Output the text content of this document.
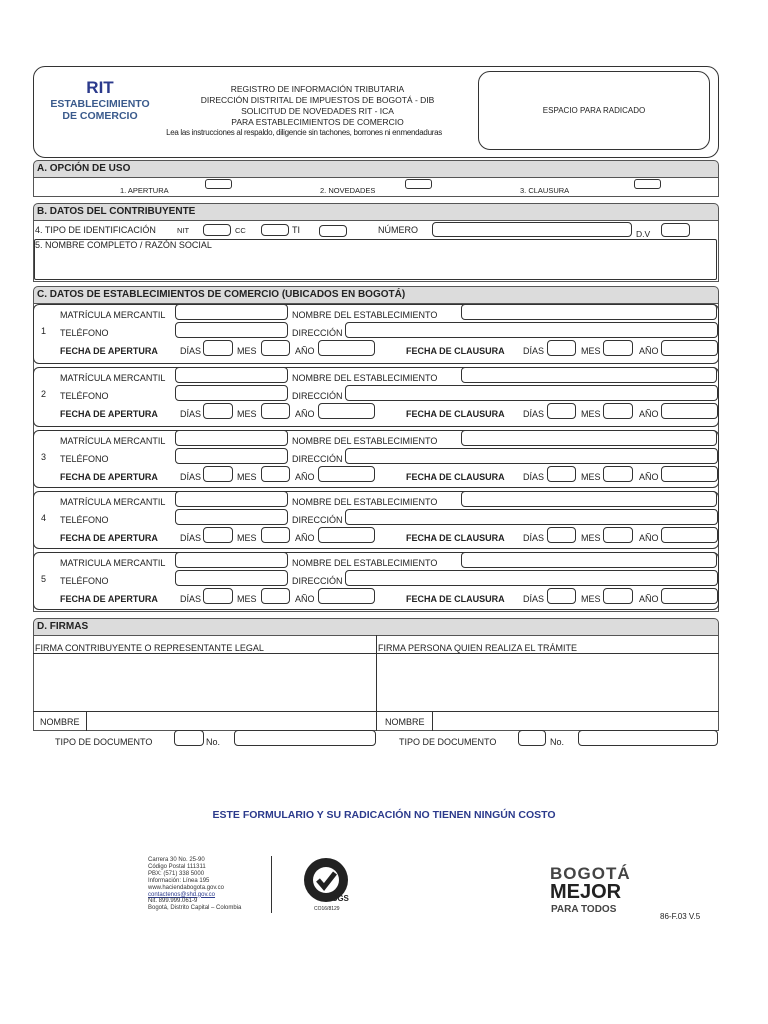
RIT
ESTABLECIMIENTO
DE COMERCIO
REGISTRO DE INFORMACIÓN TRIBUTARIA
DIRECCIÓN DISTRITAL DE IMPUESTOS DE BOGOTÁ - DIB
SOLICITUD DE NOVEDADES RIT - ICA
PARA ESTABLECIMIENTOS DE COMERCIO
Lea las instrucciones al respaldo, diligencie sin tachones, borrones ni enmendaduras
ESPACIO PARA RADICADO
A. OPCIÓN DE USO
1. APERTURA	2. NOVEDADES	3. CLAUSURA
B. DATOS DEL CONTRIBUYENTE
4. TIPO DE IDENTIFICACIÓN	NIT	CC	TI	NÚMERO	D.V
5. NOMBRE COMPLETO / RAZÓN SOCIAL
C. DATOS DE ESTABLECIMIENTOS DE COMERCIO (UBICADOS EN BOGOTÁ)
1
MATRÍCULA MERCANTIL	NOMBRE DEL ESTABLECIMIENTO
TELÉFONO	DIRECCIÓN
FECHA DE APERTURA DÍAS	MES	AÑO	FECHA DE CLAUSURA DÍAS	MES	AÑO
2
MATRÍCULA MERCANTIL	NOMBRE DEL ESTABLECIMIENTO
TELÉFONO	DIRECCIÓN
FECHA DE APERTURA DÍAS	MES	AÑO	FECHA DE CLAUSURA DÍAS	MES	AÑO
3
MATRÍCULA MERCANTIL	NOMBRE DEL ESTABLECIMIENTO
TELÉFONO	DIRECCIÓN
FECHA DE APERTURA DÍAS	MES	AÑO	FECHA DE CLAUSURA DÍAS	MES	AÑO
4
MATRÍCULA MERCANTIL	NOMBRE DEL ESTABLECIMIENTO
TELÉFONO	DIRECCIÓN
FECHA DE APERTURA DÍAS	MES	AÑO	FECHA DE CLAUSURA DÍAS	MES	AÑO
5
MATRICULA MERCANTIL	NOMBRE DEL ESTABLECIMIENTO
TELÉFONO	DIRECCIÓN
FECHA DE APERTURA DÍAS	MES	AÑO	FECHA DE CLAUSURA DÍAS	MES	AÑO
D. FIRMAS
FIRMA CONTRIBUYENTE O REPRESENTANTE LEGAL	FIRMA PERSONA QUIEN REALIZA EL TRÁMITE
NOMBRE	NOMBRE
TIPO DE DOCUMENTO	No.	TIPO DE DOCUMENTO	No.
ESTE FORMULARIO Y SU RADICACIÓN NO TIENEN NINGÚN COSTO
Carrera 30 No. 25-90
Código Postal 111311
PBX: (571) 338 5000
Información: Línea 195
www.haciendabogota.gov.co
contactenos@shd.gov.co
Nit. 899.999.061-9
Bogotá, Distrito Capital – Colombia
SGS
CO16/8129
BOGOTÁ
MEJOR
PARA TODOS
86-F.03 V.5
